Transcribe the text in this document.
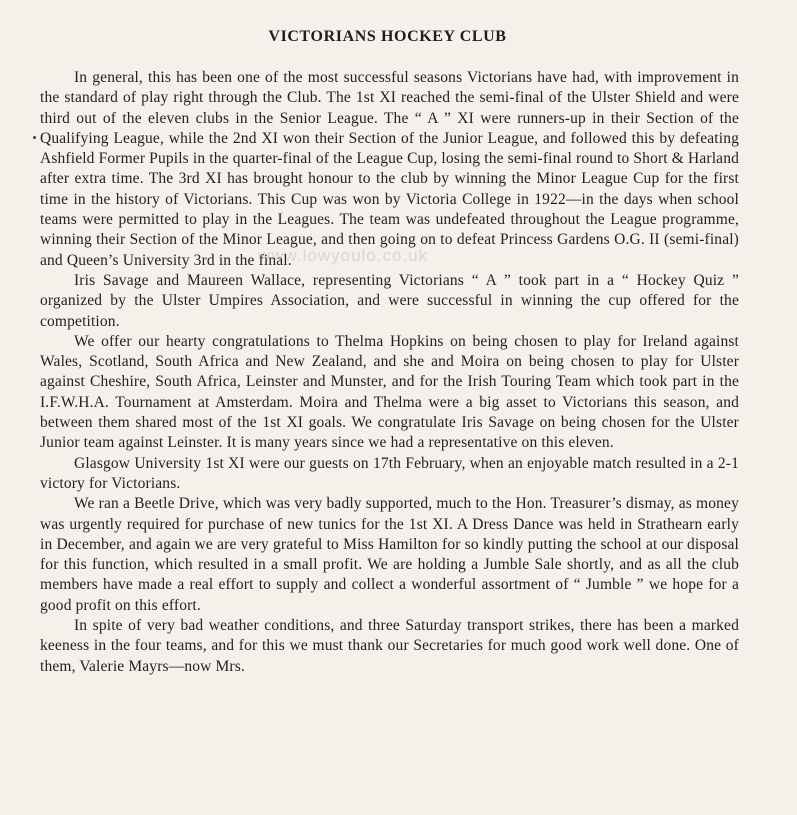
VICTORIANS HOCKEY CLUB

In general, this has been one of the most successful seasons Victorians have had, with improvement in the standard of play right through the Club. The 1st XI reached the semi-final of the Ulster Shield and were third out of the eleven clubs in the Senior League. The “ A ” XI were runners-up in their Section of the Qualifying League, while the 2nd XI won their Section of the Junior League, and followed this by defeating Ashfield Former Pupils in the quarter-final of the League Cup, losing the semi-final round to Short & Harland after extra time. The 3rd XI has brought honour to the club by winning the Minor League Cup for the first time in the history of Victorians. This Cup was won by Victoria College in 1922—in the days when school teams were permitted to play in the Leagues. The team was undefeated throughout the League programme, winning their Section of the Minor League, and then going on to defeat Princess Gardens O.G. II (semi-final) and Queen’s University 3rd in the final.

Iris Savage and Maureen Wallace, representing Victorians “ A ” took part in a “ Hockey Quiz ” organized by the Ulster Umpires Association, and were successful in winning the cup offered for the competition.

We offer our hearty congratulations to Thelma Hopkins on being chosen to play for Ireland against Wales, Scotland, South Africa and New Zealand, and she and Moira on being chosen to play for Ulster against Cheshire, South Africa, Leinster and Munster, and for the Irish Touring Team which took part in the I.F.W.H.A. Tournament at Amsterdam. Moira and Thelma were a big asset to Victorians this season, and between them shared most of the 1st XI goals. We congratulate Iris Savage on being chosen for the Ulster Junior team against Leinster. It is many years since we had a representative on this eleven.

Glasgow University 1st XI were our guests on 17th February, when an enjoyable match resulted in a 2-1 victory for Victorians.

We ran a Beetle Drive, which was very badly supported, much to the Hon. Treasurer’s dismay, as money was urgently required for purchase of new tunics for the 1st XI. A Dress Dance was held in Strathearn early in December, and again we are very grateful to Miss Hamilton for so kindly putting the school at our disposal for this function, which resulted in a small profit. We are holding a Jumble Sale shortly, and as all the club members have made a real effort to supply and collect a wonderful assortment of “ Jumble ” we hope for a good profit on this effort.

In spite of very bad weather conditions, and three Saturday transport strikes, there has been a marked keeness in the four teams, and for this we must thank our Secretaries for much good work well done. One of them, Valerie Mayrs—now Mrs.

www.lowyoulo.co.uk
